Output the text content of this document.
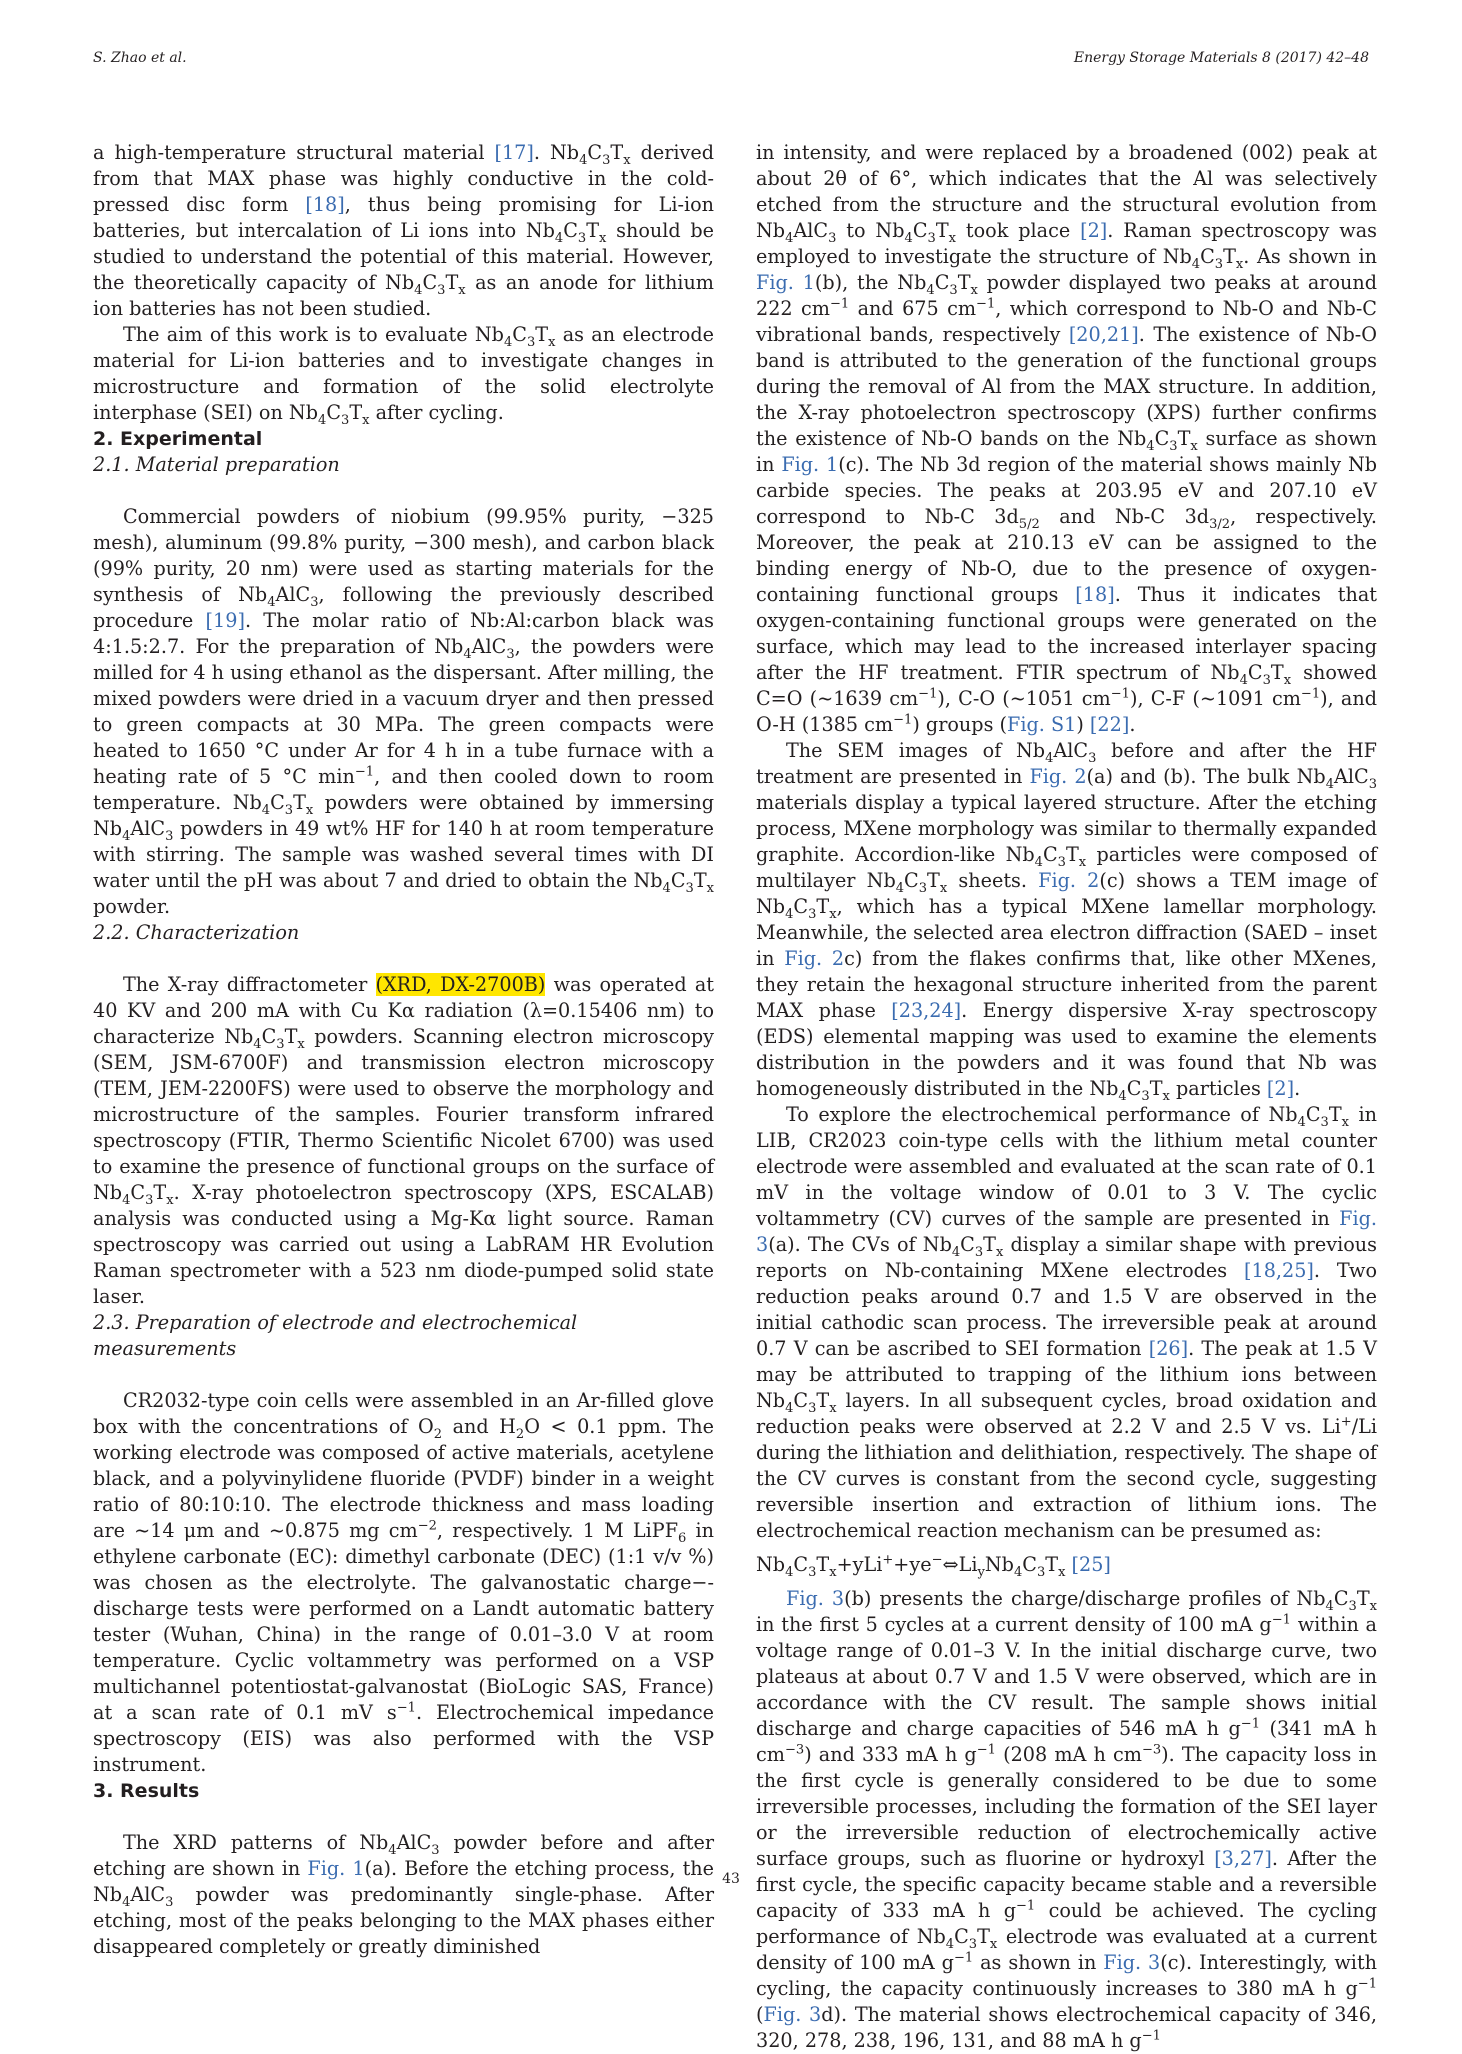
S. Zhao et al.	Energy Storage Materials 8 (2017) 42–48

a high-temperature structural material [17]. $Nb_4C_3T_x$ derived from that MAX phase was highly conductive in the cold-pressed disc form [18], thus being promising for Li-ion batteries, but intercalation of Li ions into $Nb_4C_3T_x$ should be studied to understand the potential of this material. However, the theoretically capacity of $Nb_4C_3T_x$ as an anode for lithium ion batteries has not been studied.

The aim of this work is to evaluate $Nb_4C_3T_x$ as an electrode material for Li-ion batteries and to investigate changes in microstructure and formation of the solid electrolyte interphase (SEI) on $Nb_4C_3T_x$ after cycling.

2. Experimental

2.1. Material preparation

Commercial powders of niobium (99.95% purity, −325 mesh), aluminum (99.8% purity, −300 mesh), and carbon black (99% purity, 20 nm) were used as starting materials for the synthesis of $Nb_4AlC_3$, following the previously described procedure [19]. The molar ratio of Nb:Al:carbon black was 4:1.5:2.7. For the preparation of $Nb_4AlC_3$, the powders were milled for 4 h using ethanol as the dispersant. After milling, the mixed powders were dried in a vacuum dryer and then pressed to green compacts at 30 MPa. The green compacts were heated to 1650 °C under Ar for 4 h in a tube furnace with a heating rate of 5 °C $\min^{-1}$, and then cooled down to room temperature. $Nb_4C_3T_x$ powders were obtained by immersing $Nb_4AlC_3$ powders in 49 wt% HF for 140 h at room temperature with stirring. The sample was washed several times with DI water until the pH was about 7 and dried to obtain the $Nb_4C_3T_x$ powder.

2.2. Characterization

The X-ray diffractometer (XRD, DX-2700B) was operated at 40 KV and 200 mA with Cu Kα radiation (λ=0.15406 nm) to characterize $Nb_4C_3T_x$ powders. Scanning electron microscopy (SEM, JSM-6700F) and transmission electron microscopy (TEM, JEM-2200FS) were used to observe the morphology and microstructure of the samples. Fourier transform infrared spectroscopy (FTIR, Thermo Scientific Nicolet 6700) was used to examine the presence of functional groups on the surface of $Nb_4C_3T_x$. X-ray photoelectron spectroscopy (XPS, ESCALAB) analysis was conducted using a Mg-Kα light source. Raman spectroscopy was carried out using a LabRAM HR Evolution Raman spectrometer with a 523 nm diode-pumped solid state laser.

2.3. Preparation of electrode and electrochemical measurements

CR2032-type coin cells were assembled in an Ar-filled glove box with the concentrations of $O_2$ and $H_2O < 0.1$ ppm. The working electrode was composed of active materials, acetylene black, and a polyvinylidene fluoride (PVDF) binder in a weight ratio of 80:10:10. The electrode thickness and mass loading are ~14 μm and ~0.875 mg $cm^{-2}$, respectively. 1 M LiPF$_6$ in ethylene carbonate (EC): dimethyl carbonate (DEC) (1:1 v/v %) was chosen as the electrolyte. The galvanostatic charge−-discharge tests were performed on a Landt automatic battery tester (Wuhan, China) in the range of 0.01–3.0 V at room temperature. Cyclic voltammetry was performed on a VSP multichannel potentiostat-galvanostat (BioLogic SAS, France) at a scan rate of 0.1 mV $s^{-1}$. Electrochemical impedance spectroscopy (EIS) was also performed with the VSP instrument.

3. Results

The XRD patterns of $Nb_4AlC_3$ powder before and after etching are shown in Fig. 1(a). Before the etching process, the $Nb_4AlC_3$ powder was predominantly single-phase. After etching, most of the peaks belonging to the MAX phases either disappeared completely or greatly diminished

in intensity, and were replaced by a broadened (002) peak at about 2θ of 6°, which indicates that the Al was selectively etched from the structure and the structural evolution from $Nb_4AlC_3$ to $Nb_4C_3T_x$ took place [2]. Raman spectroscopy was employed to investigate the structure of $Nb_4C_3T_x$. As shown in Fig. 1(b), the $Nb_4C_3T_x$ powder displayed two peaks at around 222 $cm^{-1}$ and 675 $cm^{-1}$, which correspond to Nb-O and Nb-C vibrational bands, respectively [20,21]. The existence of Nb-O band is attributed to the generation of the functional groups during the removal of Al from the MAX structure. In addition, the X-ray photoelectron spectroscopy (XPS) further confirms the existence of Nb-O bands on the $Nb_4C_3T_x$ surface as shown in Fig. 1(c). The Nb 3d region of the material shows mainly Nb carbide species. The peaks at 203.95 eV and 207.10 eV correspond to Nb-C $3d_{5/2}$ and Nb-C $3d_{3/2}$, respectively. Moreover, the peak at 210.13 eV can be assigned to the binding energy of Nb-O, due to the presence of oxygen-containing functional groups [18]. Thus it indicates that oxygen-containing functional groups were generated on the surface, which may lead to the increased interlayer spacing after the HF treatment. FTIR spectrum of $Nb_4C_3T_x$ showed C=O (~1639 $cm^{-1}$), C-O (~1051 $cm^{-1}$), C-F (~1091 $cm^{-1}$), and O-H (1385 $cm^{-1}$) groups (Fig. S1) [22].

The SEM images of $Nb_4AlC_3$ before and after the HF treatment are presented in Fig. 2(a) and (b). The bulk $Nb_4AlC_3$ materials display a typical layered structure. After the etching process, MXene morphology was similar to thermally expanded graphite. Accordion-like $Nb_4C_3T_x$ particles were composed of multilayer $Nb_4C_3T_x$ sheets. Fig. 2(c) shows a TEM image of $Nb_4C_3T_x$, which has a typical MXene lamellar morphology. Meanwhile, the selected area electron diffraction (SAED – inset in Fig. 2c) from the flakes confirms that, like other MXenes, they retain the hexagonal structure inherited from the parent MAX phase [23,24]. Energy dispersive X-ray spectroscopy (EDS) elemental mapping was used to examine the elements distribution in the powders and it was found that Nb was homogeneously distributed in the $Nb_4C_3T_x$ particles [2].

To explore the electrochemical performance of $Nb_4C_3T_x$ in LIB, CR2023 coin-type cells with the lithium metal counter electrode were assembled and evaluated at the scan rate of 0.1 mV in the voltage window of 0.01 to 3 V. The cyclic voltammetry (CV) curves of the sample are presented in Fig. 3(a). The CVs of $Nb_4C_3T_x$ display a similar shape with previous reports on Nb-containing MXene electrodes [18,25]. Two reduction peaks around 0.7 and 1.5 V are observed in the initial cathodic scan process. The irreversible peak at around 0.7 V can be ascribed to SEI formation [26]. The peak at 1.5 V may be attributed to trapping of the lithium ions between $Nb_4C_3T_x$ layers. In all subsequent cycles, broad oxidation and reduction peaks were observed at 2.2 V and 2.5 V vs. Li+/Li during the lithiation and delithiation, respectively. The shape of the CV curves is constant from the second cycle, suggesting reversible insertion and extraction of lithium ions. The electrochemical reaction mechanism can be presumed as:

$Nb_4C_3T_x+yLi^++ye^-\Leftrightarrow Li_yNb_4C_3T_x$ [25]

Fig. 3(b) presents the charge/discharge profiles of $Nb_4C_3T_x$ in the first 5 cycles at a current density of 100 mA $g^{-1}$ within a voltage range of 0.01–3 V. In the initial discharge curve, two plateaus at about 0.7 V and 1.5 V were observed, which are in accordance with the CV result. The sample shows initial discharge and charge capacities of 546 mA h $g^{-1}$ (341 mA h $cm^{-3}$) and 333 mA h $g^{-1}$ (208 mA h $cm^{-3}$). The capacity loss in the first cycle is generally considered to be due to some irreversible processes, including the formation of the SEI layer or the irreversible reduction of electrochemically active surface groups, such as fluorine or hydroxyl [3,27]. After the first cycle, the specific capacity became stable and a reversible capacity of 333 mA h $g^{-1}$ could be achieved. The cycling performance of $Nb_4C_3T_x$ electrode was evaluated at a current density of 100 mA $g^{-1}$ as shown in Fig. 3(c). Interestingly, with cycling, the capacity continuously increases to 380 mA h $g^{-1}$ (Fig. 3d). The material shows electrochemical capacity of 346, 320, 278, 238, 196, 131, and 88 mA h $g^{-1}$

43
